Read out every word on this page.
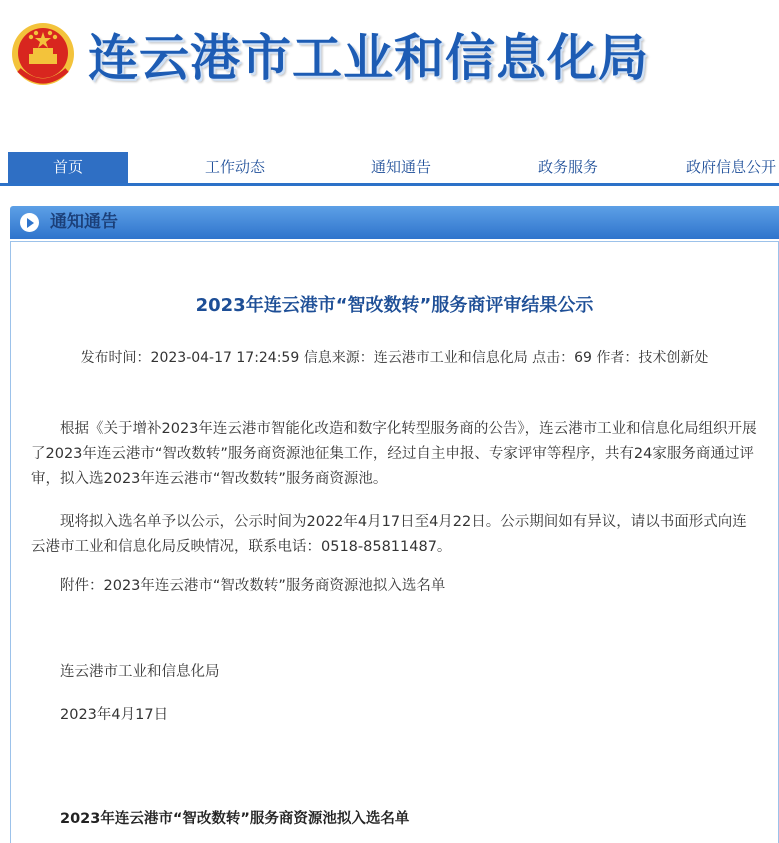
连云港市工业和信息化局
首页	工作动态	通知通告	政务服务	政府信息公开
通知通告
2023年连云港市“智改数转”服务商评审结果公示
发布时间：2023-04-17 17:24:59 信息来源：连云港市工业和信息化局 点击：69 作者：技术创新处
根据《关于增补2023年连云港市智能化改造和数字化转型服务商的公告》，连云港市工业和信息化局组织开展了2023年连云港市“智改数转”服务商资源池征集工作，经过自主申报、专家评审等程序，共有24家服务商通过评审，拟入选2023年连云港市“智改数转”服务商资源池。
现将拟入选名单予以公示，公示时间为2022年4月17日至4月22日。公示期间如有异议，请以书面形式向连云港市工业和信息化局反映情况，联系电话：0518-85811487。
附件：2023年连云港市“智改数转”服务商资源池拟入选名单
连云港市工业和信息化局
2023年4月17日
2023年连云港市“智改数转”服务商资源池拟入选名单
